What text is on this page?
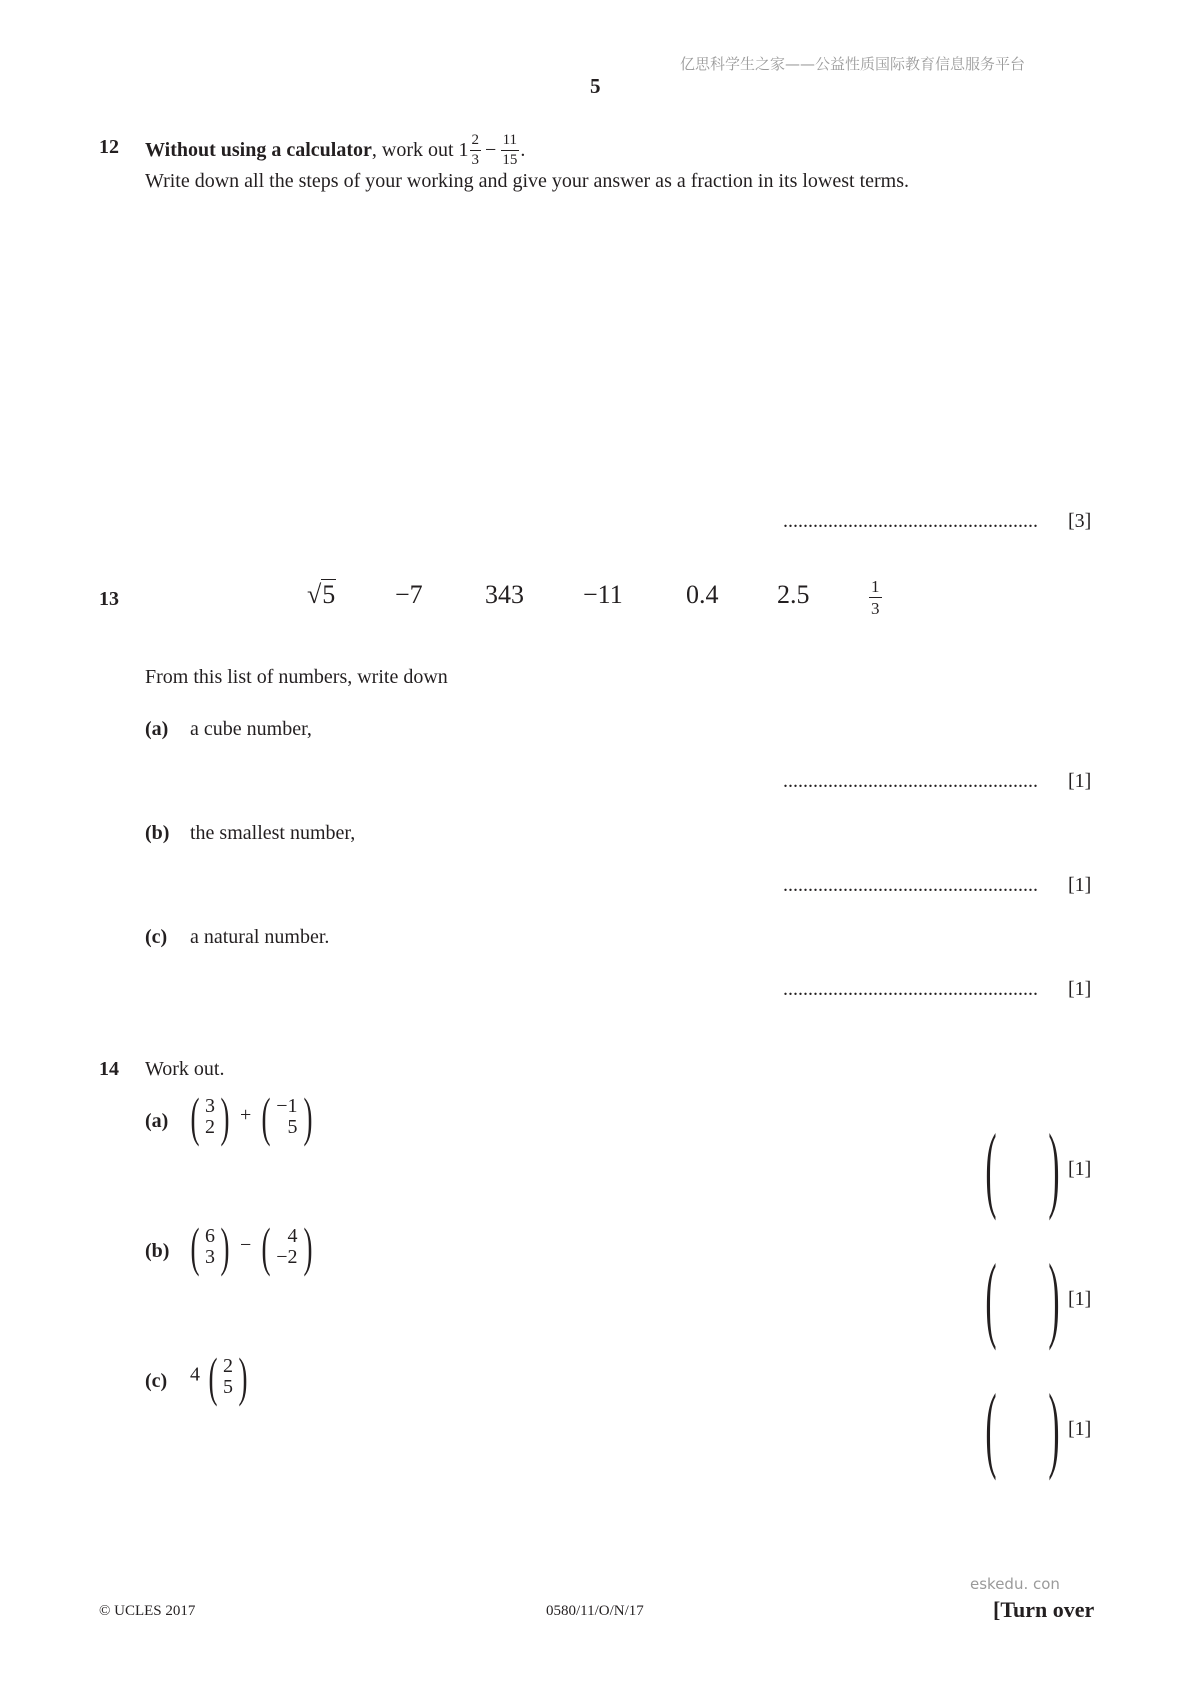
亿思科学生之家——公益性质国际教育信息服务平台
5
12 Without using a calculator , work out $1 \frac{2}{3} - \frac{11}{15}$ .
Write down all the steps of your working and give your answer as a fraction in its lowest terms.
................................................... [3]
13	√5 −7 343 −11 0.4 2.5	$\frac{1}{3}$
From this list of numbers, write down
(a) a cube number,
................................................... [1]
(b) the smallest number,
................................................... [1]
(c) a natural number.
................................................... [1]
14 Work out.
(a) ( 3
2 ) + ( −1
5 )	( ) [1]
(b) ( 6
3 ) − ( 4
−2 )	( ) [1]
(c) 4 ( 2
5 )	( ) [1]
eskedu. con
© UCLES 2017	0580/11/O/N/17	[Turn over
